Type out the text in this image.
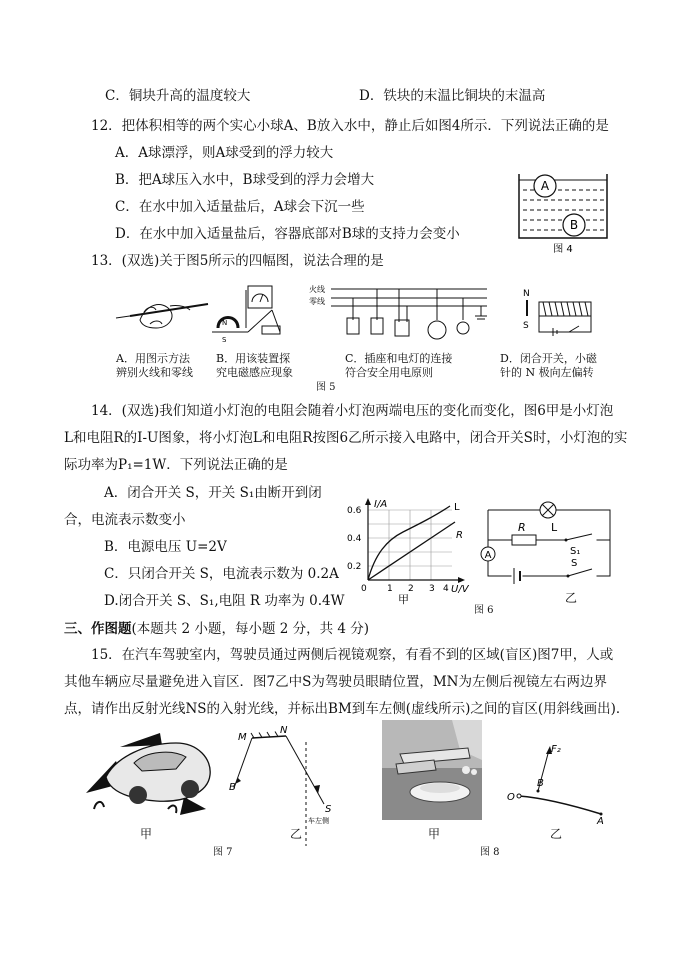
C．铜块升高的温度较大	D．铁块的末温比铜块的末温高
12．把体积相等的两个实心小球A、B放入水中，静止后如图4所示．下列说法正确的是
A．A球漂浮，则A球受到的浮力较大
B．把A球压入水中，B球受到的浮力会增大
C．在水中加入适量盐后，A球会下沉一些
D．在水中加入适量盐后，容器底部对B球的支持力会变小
A
B
图 4
13．(双选)关于图5所示的四幅图，说法合理的是
N
S
火线
零线
N
S
A．用图示方法
辨别火线和零线
B．用该装置探
究电磁感应现象
C．插座和电灯的连接
符合安全用电原则
D．闭合开关，小磁
针的 N 极向左偏转
图 5
14．(双选)我们知道小灯泡的电阻会随着小灯泡两端电压的变化而变化，图6甲是小灯泡
L和电阻R的I-U图象，将小灯泡L和电阻R按图6乙所示接入电路中，闭合开关S时，小灯泡的实
际功率为P₁=1W．下列说法正确的是
A．闭合开关 S，开关 S₁由断开到闭
合，电流表示数变小
B．电源电压 U=2V
C．只闭合开关 S，电流表示数为 0.2A
D.闭合开关 S、S₁,电阻 R 功率为 0.4W
I/A
U/V
0.6
0.4
0.2
0 1 2 3 4
L
R
甲
L
R
S₁
A
S
乙
图 6
三、作图题(本题共 2 小题，每小题 2 分，共 4 分)
15．在汽车驾驶室内，驾驶员通过两侧后视镜观察，有看不到的区域(盲区)图7甲，人或
其他车辆应尽量避免进入盲区．图7乙中S为驾驶员眼睛位置，MN为左侧后视镜左右两边界
点，请作出反射光线NS的入射光线，并标出BM到车左侧(虚线所示)之间的盲区(用斜线画出)．
甲
M
N
B
S
车左侧
乙
图 7
甲
O
F₂
B
A
乙
图 8
